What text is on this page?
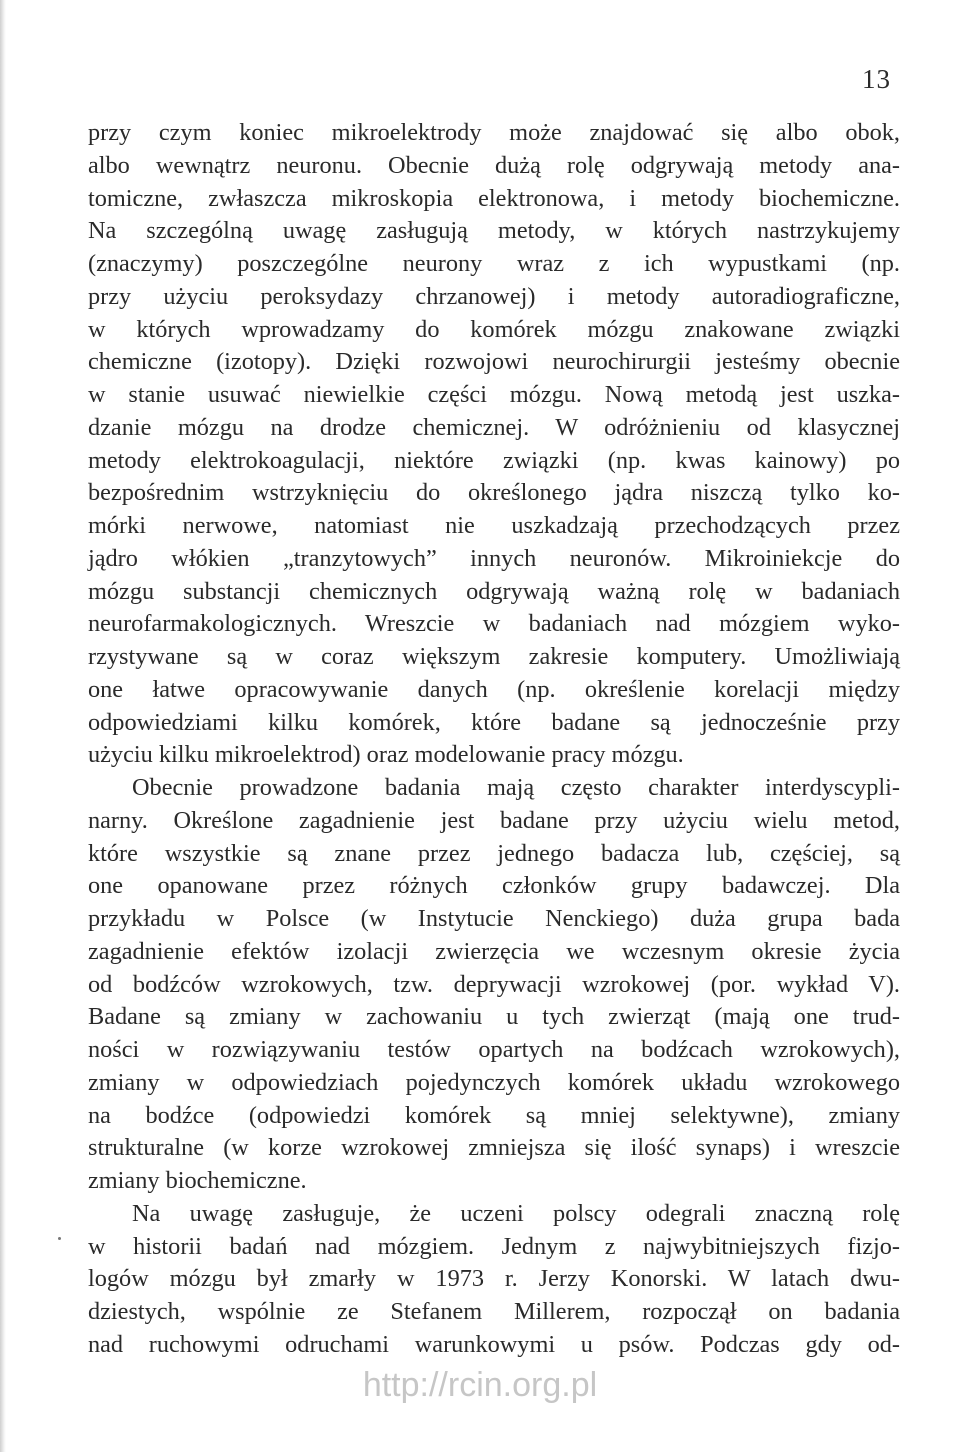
13
przy czym koniec mikroelektrody może znajdować się albo obok,
albo wewnątrz neuronu. Obecnie dużą rolę odgrywają metody ana-
tomiczne, zwłaszcza mikroskopia elektronowa, i metody biochemiczne.
Na szczególną uwagę zasługują metody, w których nastrzykujemy
(znaczymy) poszczególne neurony wraz z ich wypustkami (np.
przy użyciu peroksydazy chrzanowej) i metody autoradiograficzne,
w których wprowadzamy do komórek mózgu znakowane związki
chemiczne (izotopy). Dzięki rozwojowi neurochirurgii jesteśmy obecnie
w stanie usuwać niewielkie części mózgu. Nową metodą jest uszka-
dzanie mózgu na drodze chemicznej. W odróżnieniu od klasycznej
metody elektrokoagulacji, niektóre związki (np. kwas kainowy) po
bezpośrednim wstrzyknięciu do określonego jądra niszczą tylko ko-
mórki nerwowe, natomiast nie uszkadzają przechodzących przez
jądro włókien „tranzytowych” innych neuronów. Mikroiniekcje do
mózgu substancji chemicznych odgrywają ważną rolę w badaniach
neurofarmakologicznych. Wreszcie w badaniach nad mózgiem wyko-
rzystywane są w coraz większym zakresie komputery. Umożliwiają
one łatwe opracowywanie danych (np. określenie korelacji między
odpowiedziami kilku komórek, które badane są jednocześnie przy
użyciu kilku mikroelektrod) oraz modelowanie pracy mózgu.
Obecnie prowadzone badania mają często charakter interdyscypli-
narny. Określone zagadnienie jest badane przy użyciu wielu metod,
które wszystkie są znane przez jednego badacza lub, częściej, są
one opanowane przez różnych członków grupy badawczej. Dla
przykładu w Polsce (w Instytucie Nenckiego) duża grupa bada
zagadnienie efektów izolacji zwierzęcia we wczesnym okresie życia
od bodźców wzrokowych, tzw. deprywacji wzrokowej (por. wykład V).
Badane są zmiany w zachowaniu u tych zwierząt (mają one trud-
ności w rozwiązywaniu testów opartych na bodźcach wzrokowych),
zmiany w odpowiedziach pojedynczych komórek układu wzrokowego
na bodźce (odpowiedzi komórek są mniej selektywne), zmiany
strukturalne (w korze wzrokowej zmniejsza się ilość synaps) i wreszcie
zmiany biochemiczne.
Na uwagę zasługuje, że uczeni polscy odegrali znaczną rolę
w historii badań nad mózgiem. Jednym z najwybitniejszych fizjo-
logów mózgu był zmarły w 1973 r. Jerzy Konorski. W latach dwu-
dziestych, wspólnie ze Stefanem Millerem, rozpoczął on badania
nad ruchowymi odruchami warunkowymi u psów. Podczas gdy od-
http://rcin.org.pl
